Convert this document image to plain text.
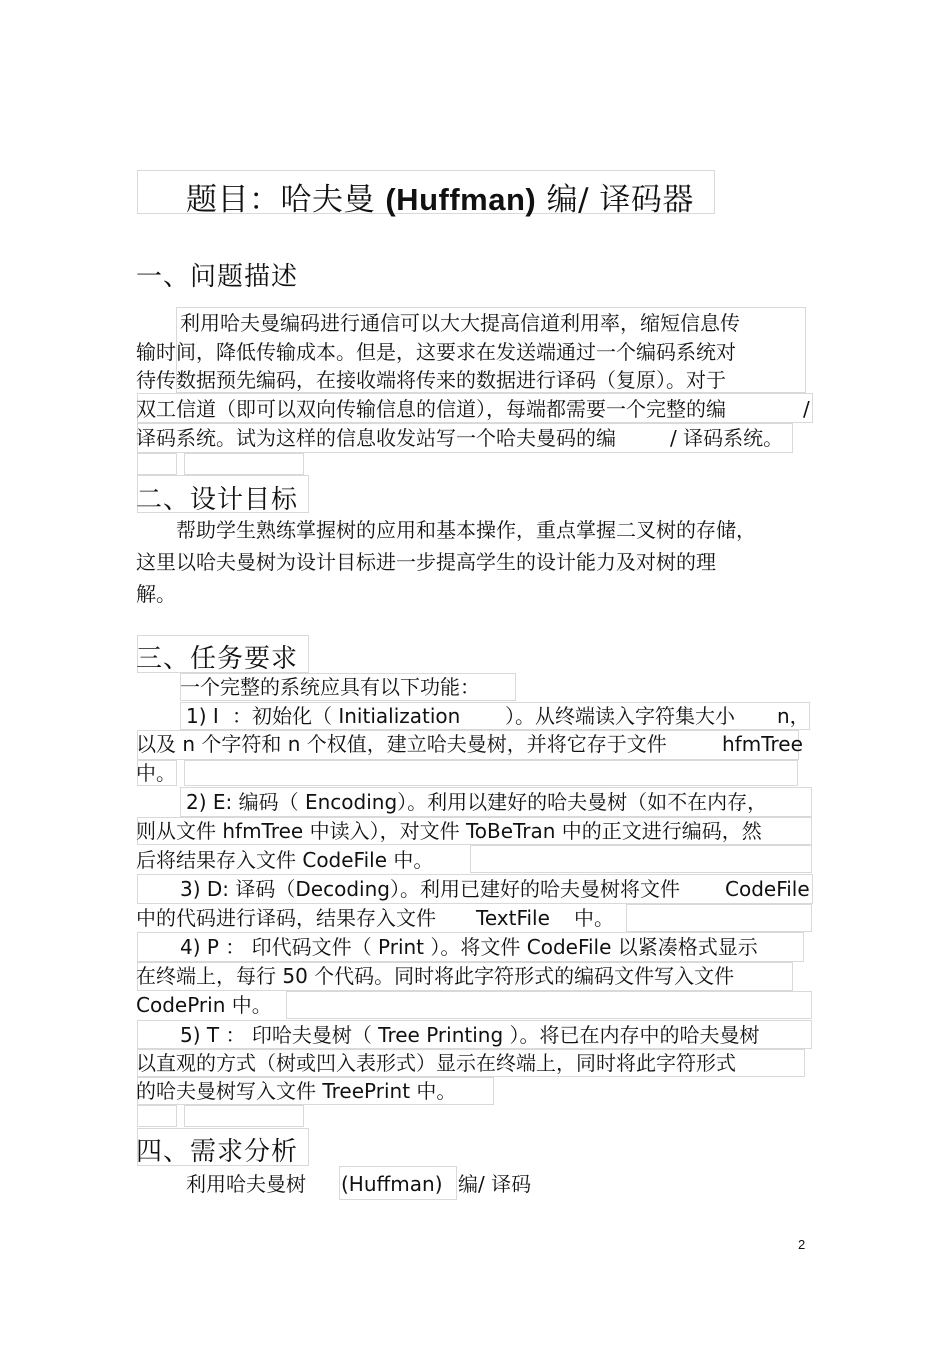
题目：哈夫曼 (Huffman) 编/ 译码器
一、问题描述
利用哈夫曼编码进行通信可以大大提高信道利用率，缩短信息传
输时间，降低传输成本。但是，这要求在发送端通过一个编码系统对
待传数据预先编码，在接收端将传来的数据进行译码（复原）。对于
双工信道（即可以双向传输信息的信道），每端都需要一个完整的编	/
译码系统。试为这样的信息收发站写一个哈夫曼码的编	/ 译码系统。
二、设计目标
帮助学生熟练掌握树的应用和基本操作，重点掌握二叉树的存储，
这里以哈夫曼树为设计目标进一步提高学生的设计能力及对树的理
解。
三、任务要求
一个完整的系统应具有以下功能：
1) I ：初始化（ Initialization ）。从终端读入字符集大小 n，
以及 n 个字符和 n 个权值，建立哈夫曼树，并将它存于文件	hfmTree
中。
2) E: 编码（ Encoding）。利用以建好的哈夫曼树（如不在内存，
则从文件 hfmTree 中读入），对文件 ToBeTran 中的正文进行编码，然
后将结果存入文件 CodeFile 中。
3) D: 译码（Decoding）。利用已建好的哈夫曼树将文件 CodeFile
中的代码进行译码，结果存入文件 TextFile 中。
4) P ： 印代码文件（ Print ）。将文件 CodeFile 以紧凑格式显示
在终端上，每行 50 个代码。同时将此字符形式的编码文件写入文件
CodePrin 中。
5) T ： 印哈夫曼树（ Tree Printing ）。将已在内存中的哈夫曼树
以直观的方式（树或凹入表形式）显示在终端上，同时将此字符形式
的哈夫曼树写入文件 TreePrint 中。
四、需求分析
利用哈夫曼树 (Huffman) 编/ 译码
2
